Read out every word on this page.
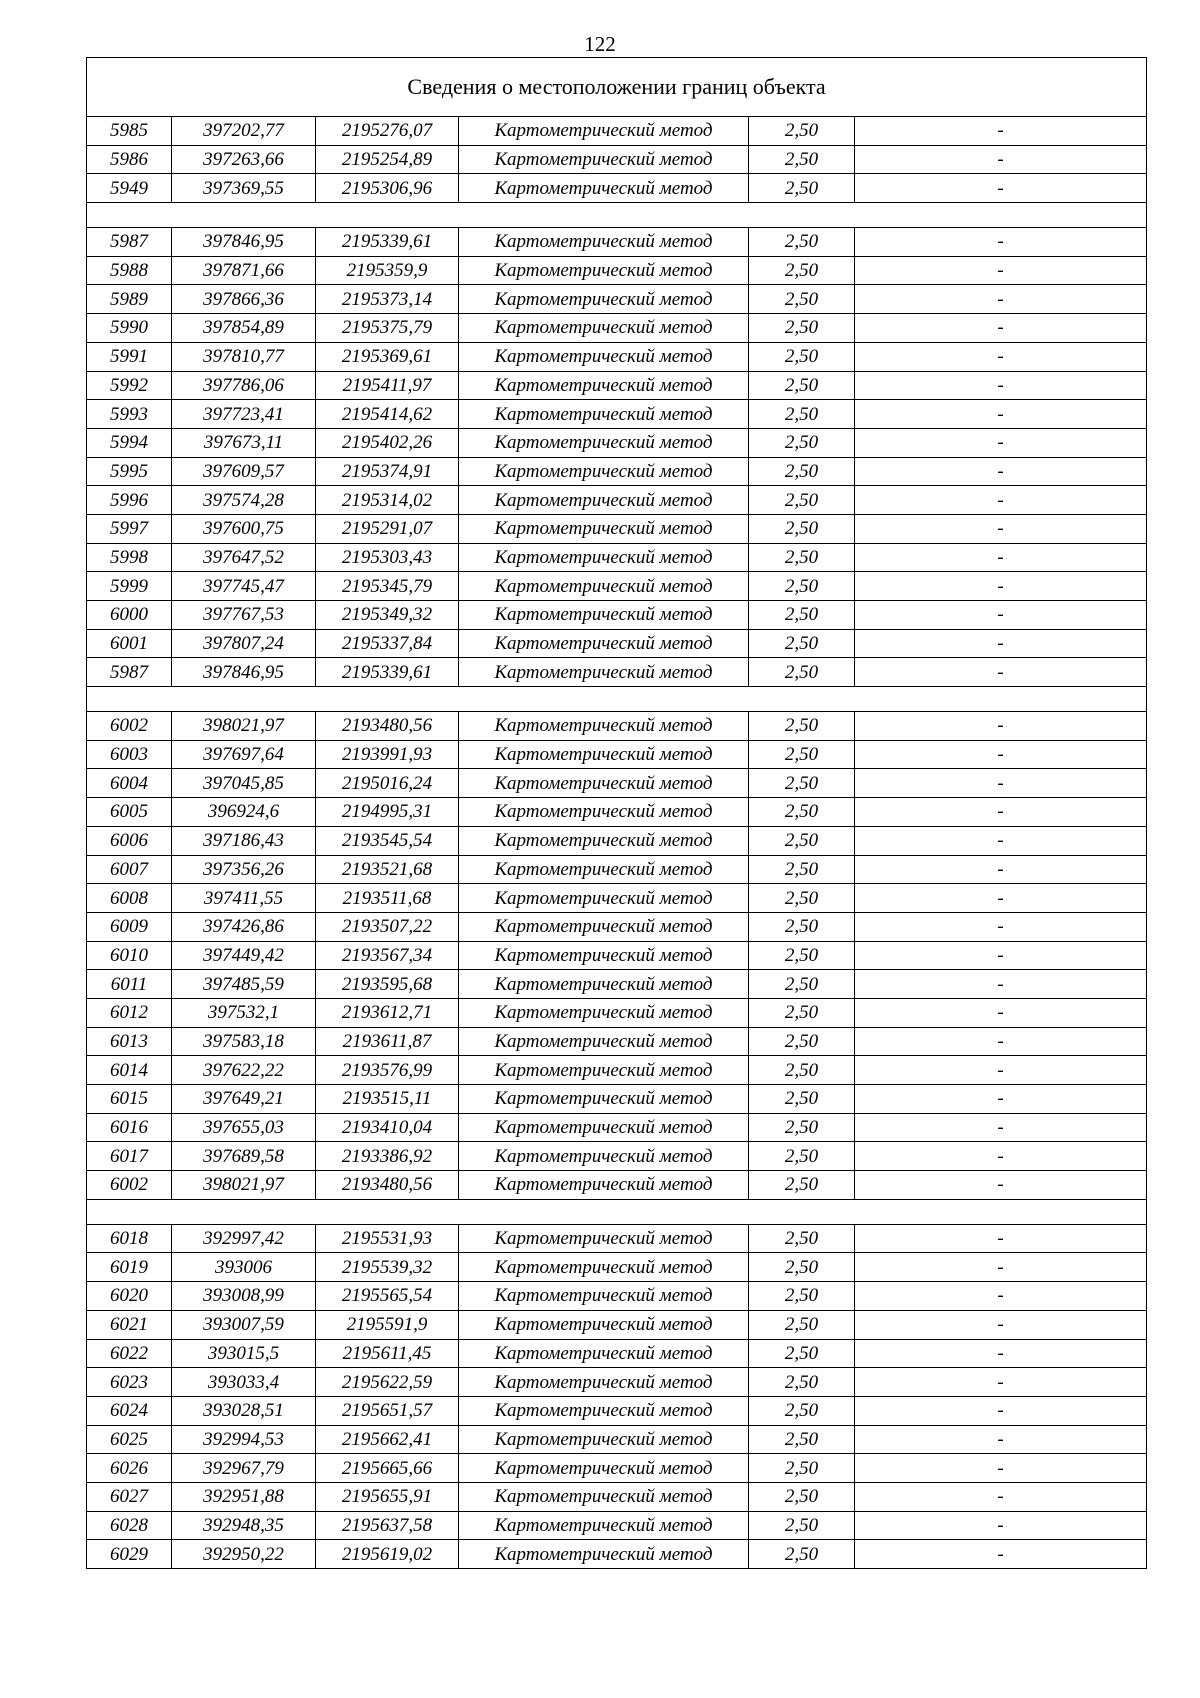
122
Сведения о местоположении границ объекта					
5985	397202,77	2195276,07	Картометрический метод	2,50	-
5986	397263,66	2195254,89	Картометрический метод	2,50	-
5949	397369,55	2195306,96	Картометрический метод	2,50	-

5987	397846,95	2195339,61	Картометрический метод	2,50	-
5988	397871,66	2195359,9	Картометрический метод	2,50	-
5989	397866,36	2195373,14	Картометрический метод	2,50	-
5990	397854,89	2195375,79	Картометрический метод	2,50	-
5991	397810,77	2195369,61	Картометрический метод	2,50	-
5992	397786,06	2195411,97	Картометрический метод	2,50	-
5993	397723,41	2195414,62	Картометрический метод	2,50	-
5994	397673,11	2195402,26	Картометрический метод	2,50	-
5995	397609,57	2195374,91	Картометрический метод	2,50	-
5996	397574,28	2195314,02	Картометрический метод	2,50	-
5997	397600,75	2195291,07	Картометрический метод	2,50	-
5998	397647,52	2195303,43	Картометрический метод	2,50	-
5999	397745,47	2195345,79	Картометрический метод	2,50	-
6000	397767,53	2195349,32	Картометрический метод	2,50	-
6001	397807,24	2195337,84	Картометрический метод	2,50	-
5987	397846,95	2195339,61	Картометрический метод	2,50	-

6002	398021,97	2193480,56	Картометрический метод	2,50	-
6003	397697,64	2193991,93	Картометрический метод	2,50	-
6004	397045,85	2195016,24	Картометрический метод	2,50	-
6005	396924,6	2194995,31	Картометрический метод	2,50	-
6006	397186,43	2193545,54	Картометрический метод	2,50	-
6007	397356,26	2193521,68	Картометрический метод	2,50	-
6008	397411,55	2193511,68	Картометрический метод	2,50	-
6009	397426,86	2193507,22	Картометрический метод	2,50	-
6010	397449,42	2193567,34	Картометрический метод	2,50	-
6011	397485,59	2193595,68	Картометрический метод	2,50	-
6012	397532,1	2193612,71	Картометрический метод	2,50	-
6013	397583,18	2193611,87	Картометрический метод	2,50	-
6014	397622,22	2193576,99	Картометрический метод	2,50	-
6015	397649,21	2193515,11	Картометрический метод	2,50	-
6016	397655,03	2193410,04	Картометрический метод	2,50	-
6017	397689,58	2193386,92	Картометрический метод	2,50	-
6002	398021,97	2193480,56	Картометрический метод	2,50	-

6018	392997,42	2195531,93	Картометрический метод	2,50	-
6019	393006	2195539,32	Картометрический метод	2,50	-
6020	393008,99	2195565,54	Картометрический метод	2,50	-
6021	393007,59	2195591,9	Картометрический метод	2,50	-
6022	393015,5	2195611,45	Картометрический метод	2,50	-
6023	393033,4	2195622,59	Картометрический метод	2,50	-
6024	393028,51	2195651,57	Картометрический метод	2,50	-
6025	392994,53	2195662,41	Картометрический метод	2,50	-
6026	392967,79	2195665,66	Картометрический метод	2,50	-
6027	392951,88	2195655,91	Картометрический метод	2,50	-
6028	392948,35	2195637,58	Картометрический метод	2,50	-
6029	392950,22	2195619,02	Картометрический метод	2,50	-
